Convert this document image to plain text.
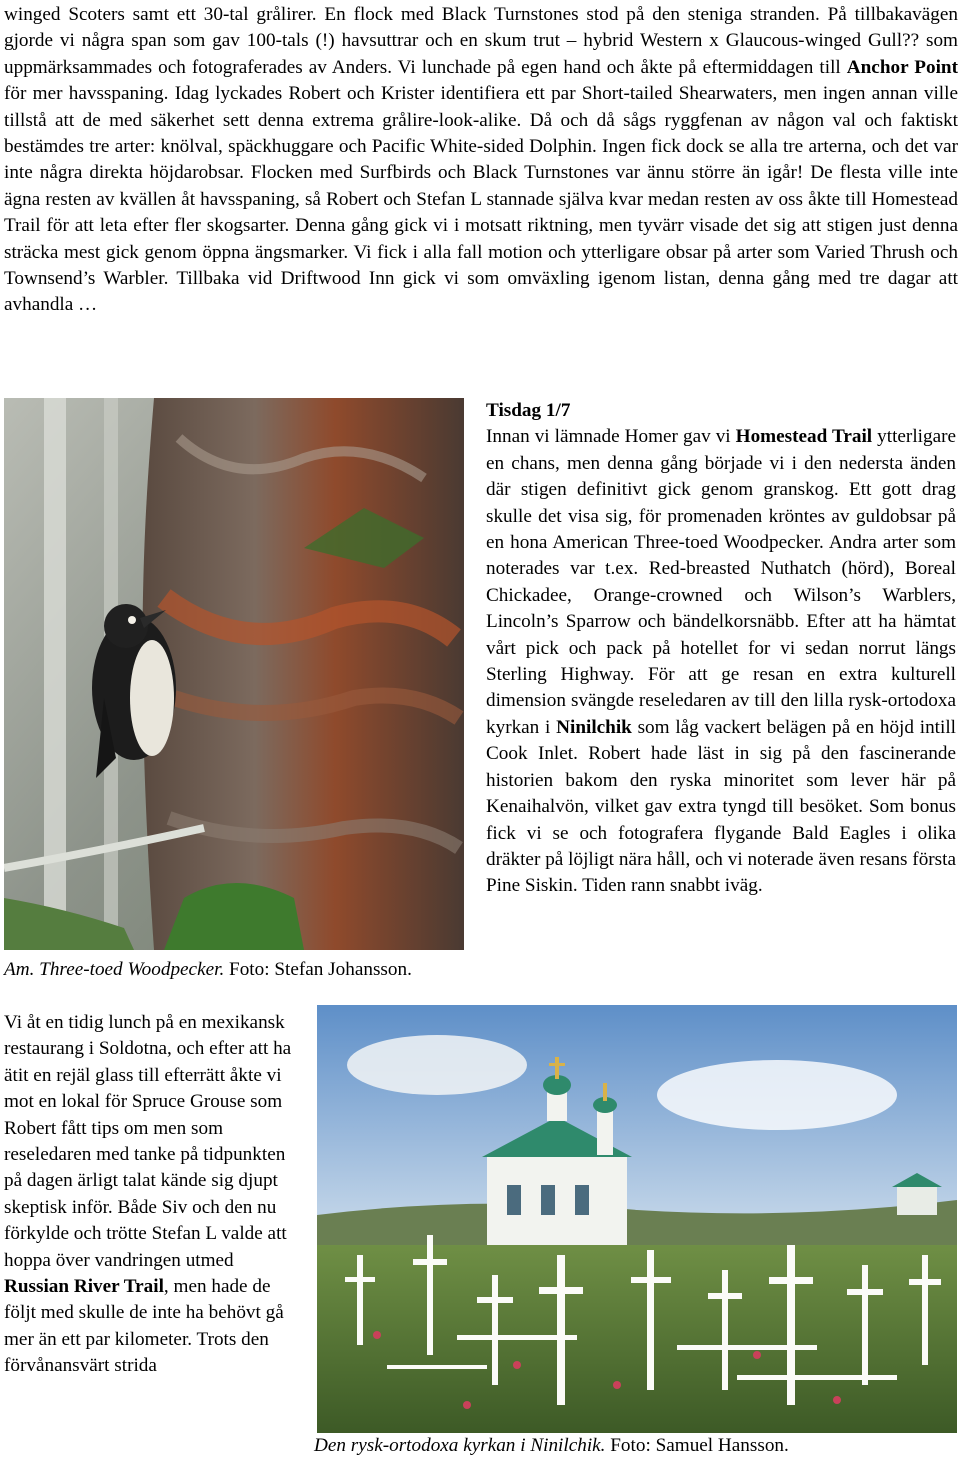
winged Scoters samt ett 30-tal grålirer. En flock med Black Turnstones stod på den steniga stranden. På tillbakavägen gjorde vi några span som gav 100-tals (!) havsuttrar och en skum trut – hybrid Western x Glaucous-winged Gull?? som uppmärksammades och fotograferades av Anders. Vi lunchade på egen hand och åkte på eftermiddagen till Anchor Point för mer havsspaning. Idag lyckades Robert och Krister identifiera ett par Short-tailed Shearwaters, men ingen annan ville tillstå att de med säkerhet sett denna extrema grålire-look-alike. Då och då sågs ryggfenan av någon val och faktiskt bestämdes tre arter: knölval, späckhuggare och Pacific White-sided Dolphin. Ingen fick dock se alla tre arterna, och det var inte några direkta höjdarobsar. Flocken med Surfbirds och Black Turnstones var ännu större än igår! De flesta ville inte ägna resten av kvällen åt havsspaning, så Robert och Stefan L stannade själva kvar medan resten av oss åkte till Homestead Trail för att leta efter fler skogsarter. Denna gång gick vi i motsatt riktning, men tyvärr visade det sig att stigen just denna sträcka mest gick genom öppna ängsmarker. Vi fick i alla fall motion och ytterligare obsar på arter som Varied Thrush och Townsend’s Warbler. Tillbaka vid Driftwood Inn gick vi som omväxling igenom listan, denna gång med tre dagar att avhandla …
Am. Three-toed Woodpecker. Foto: Stefan Johansson.
Tisdag 1/7
Innan vi lämnade Homer gav vi Homestead Trail ytterligare en chans, men denna gång började vi i den nedersta änden där stigen definitivt gick genom granskog. Ett gott drag skulle det visa sig, för promenaden kröntes av guldobsar på en hona American Three-toed Woodpecker. Andra arter som noterades var t.ex. Red-breasted Nuthatch (hörd), Boreal Chickadee, Orange-crowned och Wilson’s Warblers, Lincoln’s Sparrow och bändelkorsnäbb. Efter att ha hämtat vårt pick och pack på hotellet for vi sedan norrut längs Sterling Highway. För att ge resan en extra kulturell dimension svängde reseledaren av till den lilla rysk-ortodoxa kyrkan i Ninilchik som låg vackert belägen på en höjd intill Cook Inlet. Robert hade läst in sig på den fascinerande historien bakom den ryska minoritet som lever här på Kenaihalvön, vilket gav extra tyngd till besöket. Som bonus fick vi se och fotografera flygande Bald Eagles i olika dräkter på löjligt nära håll, och vi noterade även resans första Pine Siskin. Tiden rann snabbt iväg.
Vi åt en tidig lunch på en mexikansk restaurang i Soldotna, och efter att ha ätit en rejäl glass till efterrätt åkte vi mot en lokal för Spruce Grouse som Robert fått tips om men som reseledaren med tanke på tidpunkten på dagen ärligt talat kände sig djupt skeptisk inför. Både Siv och den nu förkylde och trötte Stefan L valde att hoppa över vandringen utmed Russian River Trail, men hade de följt med skulle de inte ha behövt gå mer än ett par kilometer. Trots den förvånansvärt strida
Den rysk-ortodoxa kyrkan i Ninilchik. Foto: Samuel Hansson.
